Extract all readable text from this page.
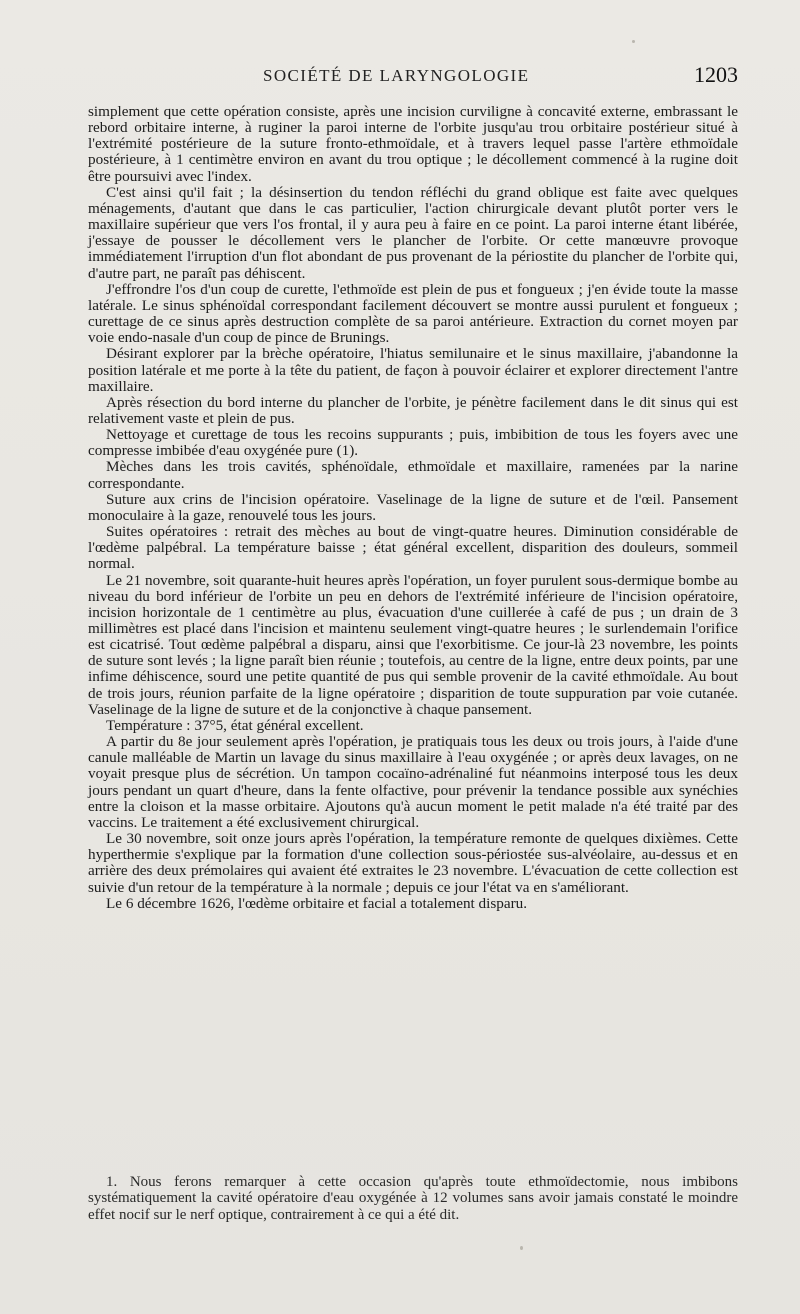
SOCIÉTÉ DE LARYNGOLOGIE	1203

simplement que cette opération consiste, après une incision curviligne à concavité externe, embrassant le rebord orbitaire interne, à ruginer la paroi interne de l'orbite jusqu'au trou orbitaire postérieur situé à l'extrémité postérieure de la suture fronto-ethmoïdale, et à travers lequel passe l'artère ethmoïdale postérieure, à 1 centimètre environ en avant du trou optique ; le décollement commencé à la rugine doit être poursuivi avec l'index.

C'est ainsi qu'il fait ; la désinsertion du tendon réfléchi du grand oblique est faite avec quelques ménagements, d'autant que dans le cas particulier, l'action chirurgicale devant plutôt porter vers le maxillaire supérieur que vers l'os frontal, il y aura peu à faire en ce point. La paroi interne étant libérée, j'essaye de pousser le décollement vers le plancher de l'orbite. Or cette manœuvre provoque immédiatement l'irruption d'un flot abondant de pus provenant de la périostite du plancher de l'orbite qui, d'autre part, ne paraît pas déhiscent.

J'effrondre l'os d'un coup de curette, l'ethmoïde est plein de pus et fongueux ; j'en évide toute la masse latérale. Le sinus sphénoïdal correspondant facilement découvert se montre aussi purulent et fongueux ; curettage de ce sinus après destruction complète de sa paroi antérieure. Extraction du cornet moyen par voie endo-nasale d'un coup de pince de Brunings.

Désirant explorer par la brèche opératoire, l'hiatus semilunaire et le sinus maxillaire, j'abandonne la position latérale et me porte à la tête du patient, de façon à pouvoir éclairer et explorer directement l'antre maxillaire.

Après résection du bord interne du plancher de l'orbite, je pénètre facilement dans le dit sinus qui est relativement vaste et plein de pus.

Nettoyage et curettage de tous les recoins suppurants ; puis, imbibition de tous les foyers avec une compresse imbibée d'eau oxygénée pure (1).

Mèches dans les trois cavités, sphénoïdale, ethmoïdale et maxillaire, ramenées par la narine correspondante.

Suture aux crins de l'incision opératoire. Vaselinage de la ligne de suture et de l'œil. Pansement monoculaire à la gaze, renouvelé tous les jours.

Suites opératoires : retrait des mèches au bout de vingt-quatre heures. Diminution considérable de l'œdème palpébral. La température baisse ; état général excellent, disparition des douleurs, sommeil normal.

Le 21 novembre, soit quarante-huit heures après l'opération, un foyer purulent sous-dermique bombe au niveau du bord inférieur de l'orbite un peu en dehors de l'extrémité inférieure de l'incision opératoire, incision horizontale de 1 centimètre au plus, évacuation d'une cuillerée à café de pus ; un drain de 3 millimètres est placé dans l'incision et maintenu seulement vingt-quatre heures ; le surlendemain l'orifice est cicatrisé. Tout œdème palpébral a disparu, ainsi que l'exorbitisme. Ce jour-là 23 novembre, les points de suture sont levés ; la ligne paraît bien réunie ; toutefois, au centre de la ligne, entre deux points, par une infime déhiscence, sourd une petite quantité de pus qui semble provenir de la cavité ethmoïdale. Au bout de trois jours, réunion parfaite de la ligne opératoire ; disparition de toute suppuration par voie cutanée. Vaselinage de la ligne de suture et de la conjonctive à chaque pansement.

Température : 37°5, état général excellent.

A partir du 8e jour seulement après l'opération, je pratiquais tous les deux ou trois jours, à l'aide d'une canule malléable de Martin un lavage du sinus maxillaire à l'eau oxygénée ; or après deux lavages, on ne voyait presque plus de sécrétion. Un tampon cocaïno-adrénaliné fut néanmoins interposé tous les deux jours pendant un quart d'heure, dans la fente olfactive, pour prévenir la tendance possible aux synéchies entre la cloison et la masse orbitaire. Ajoutons qu'à aucun moment le petit malade n'a été traité par des vaccins. Le traitement a été exclusivement chirurgical.

Le 30 novembre, soit onze jours après l'opération, la température remonte de quelques dixièmes. Cette hyperthermie s'explique par la formation d'une collection sous-périostée sus-alvéolaire, au-dessus et en arrière des deux prémolaires qui avaient été extraites le 23 novembre. L'évacuation de cette collection est suivie d'un retour de la température à la normale ; depuis ce jour l'état va en s'améliorant.

Le 6 décembre 1626, l'œdème orbitaire et facial a totalement disparu.

1. Nous ferons remarquer à cette occasion qu'après toute ethmoïdectomie, nous imbibons systématiquement la cavité opératoire d'eau oxygénée à 12 volumes sans avoir jamais constaté le moindre effet nocif sur le nerf optique, contrairement à ce qui a été dit.
